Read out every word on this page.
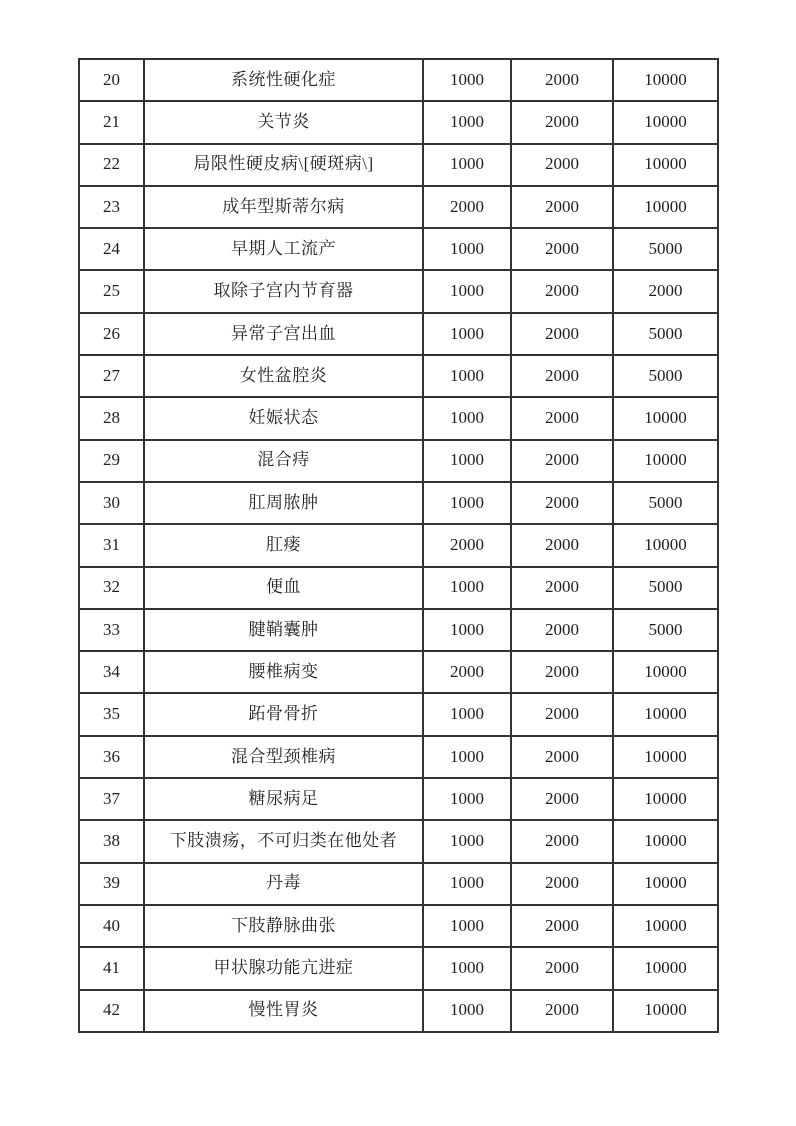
20	系统性硬化症	1000	2000	10000
21	关节炎	1000	2000	10000
22	局限性硬皮病\[硬斑病\]	1000	2000	10000
23	成年型斯蒂尔病	2000	2000	10000
24	早期人工流产	1000	2000	5000
25	取除子宫内节育器	1000	2000	2000
26	异常子宫出血	1000	2000	5000
27	女性盆腔炎	1000	2000	5000
28	妊娠状态	1000	2000	10000
29	混合痔	1000	2000	10000
30	肛周脓肿	1000	2000	5000
31	肛瘘	2000	2000	10000
32	便血	1000	2000	5000
33	腱鞘囊肿	1000	2000	5000
34	腰椎病变	2000	2000	10000
35	跖骨骨折	1000	2000	10000
36	混合型颈椎病	1000	2000	10000
37	糖尿病足	1000	2000	10000
38	下肢溃疡，不可归类在他处者	1000	2000	10000
39	丹毒	1000	2000	10000
40	下肢静脉曲张	1000	2000	10000
41	甲状腺功能亢进症	1000	2000	10000
42	慢性胃炎	1000	2000	10000
